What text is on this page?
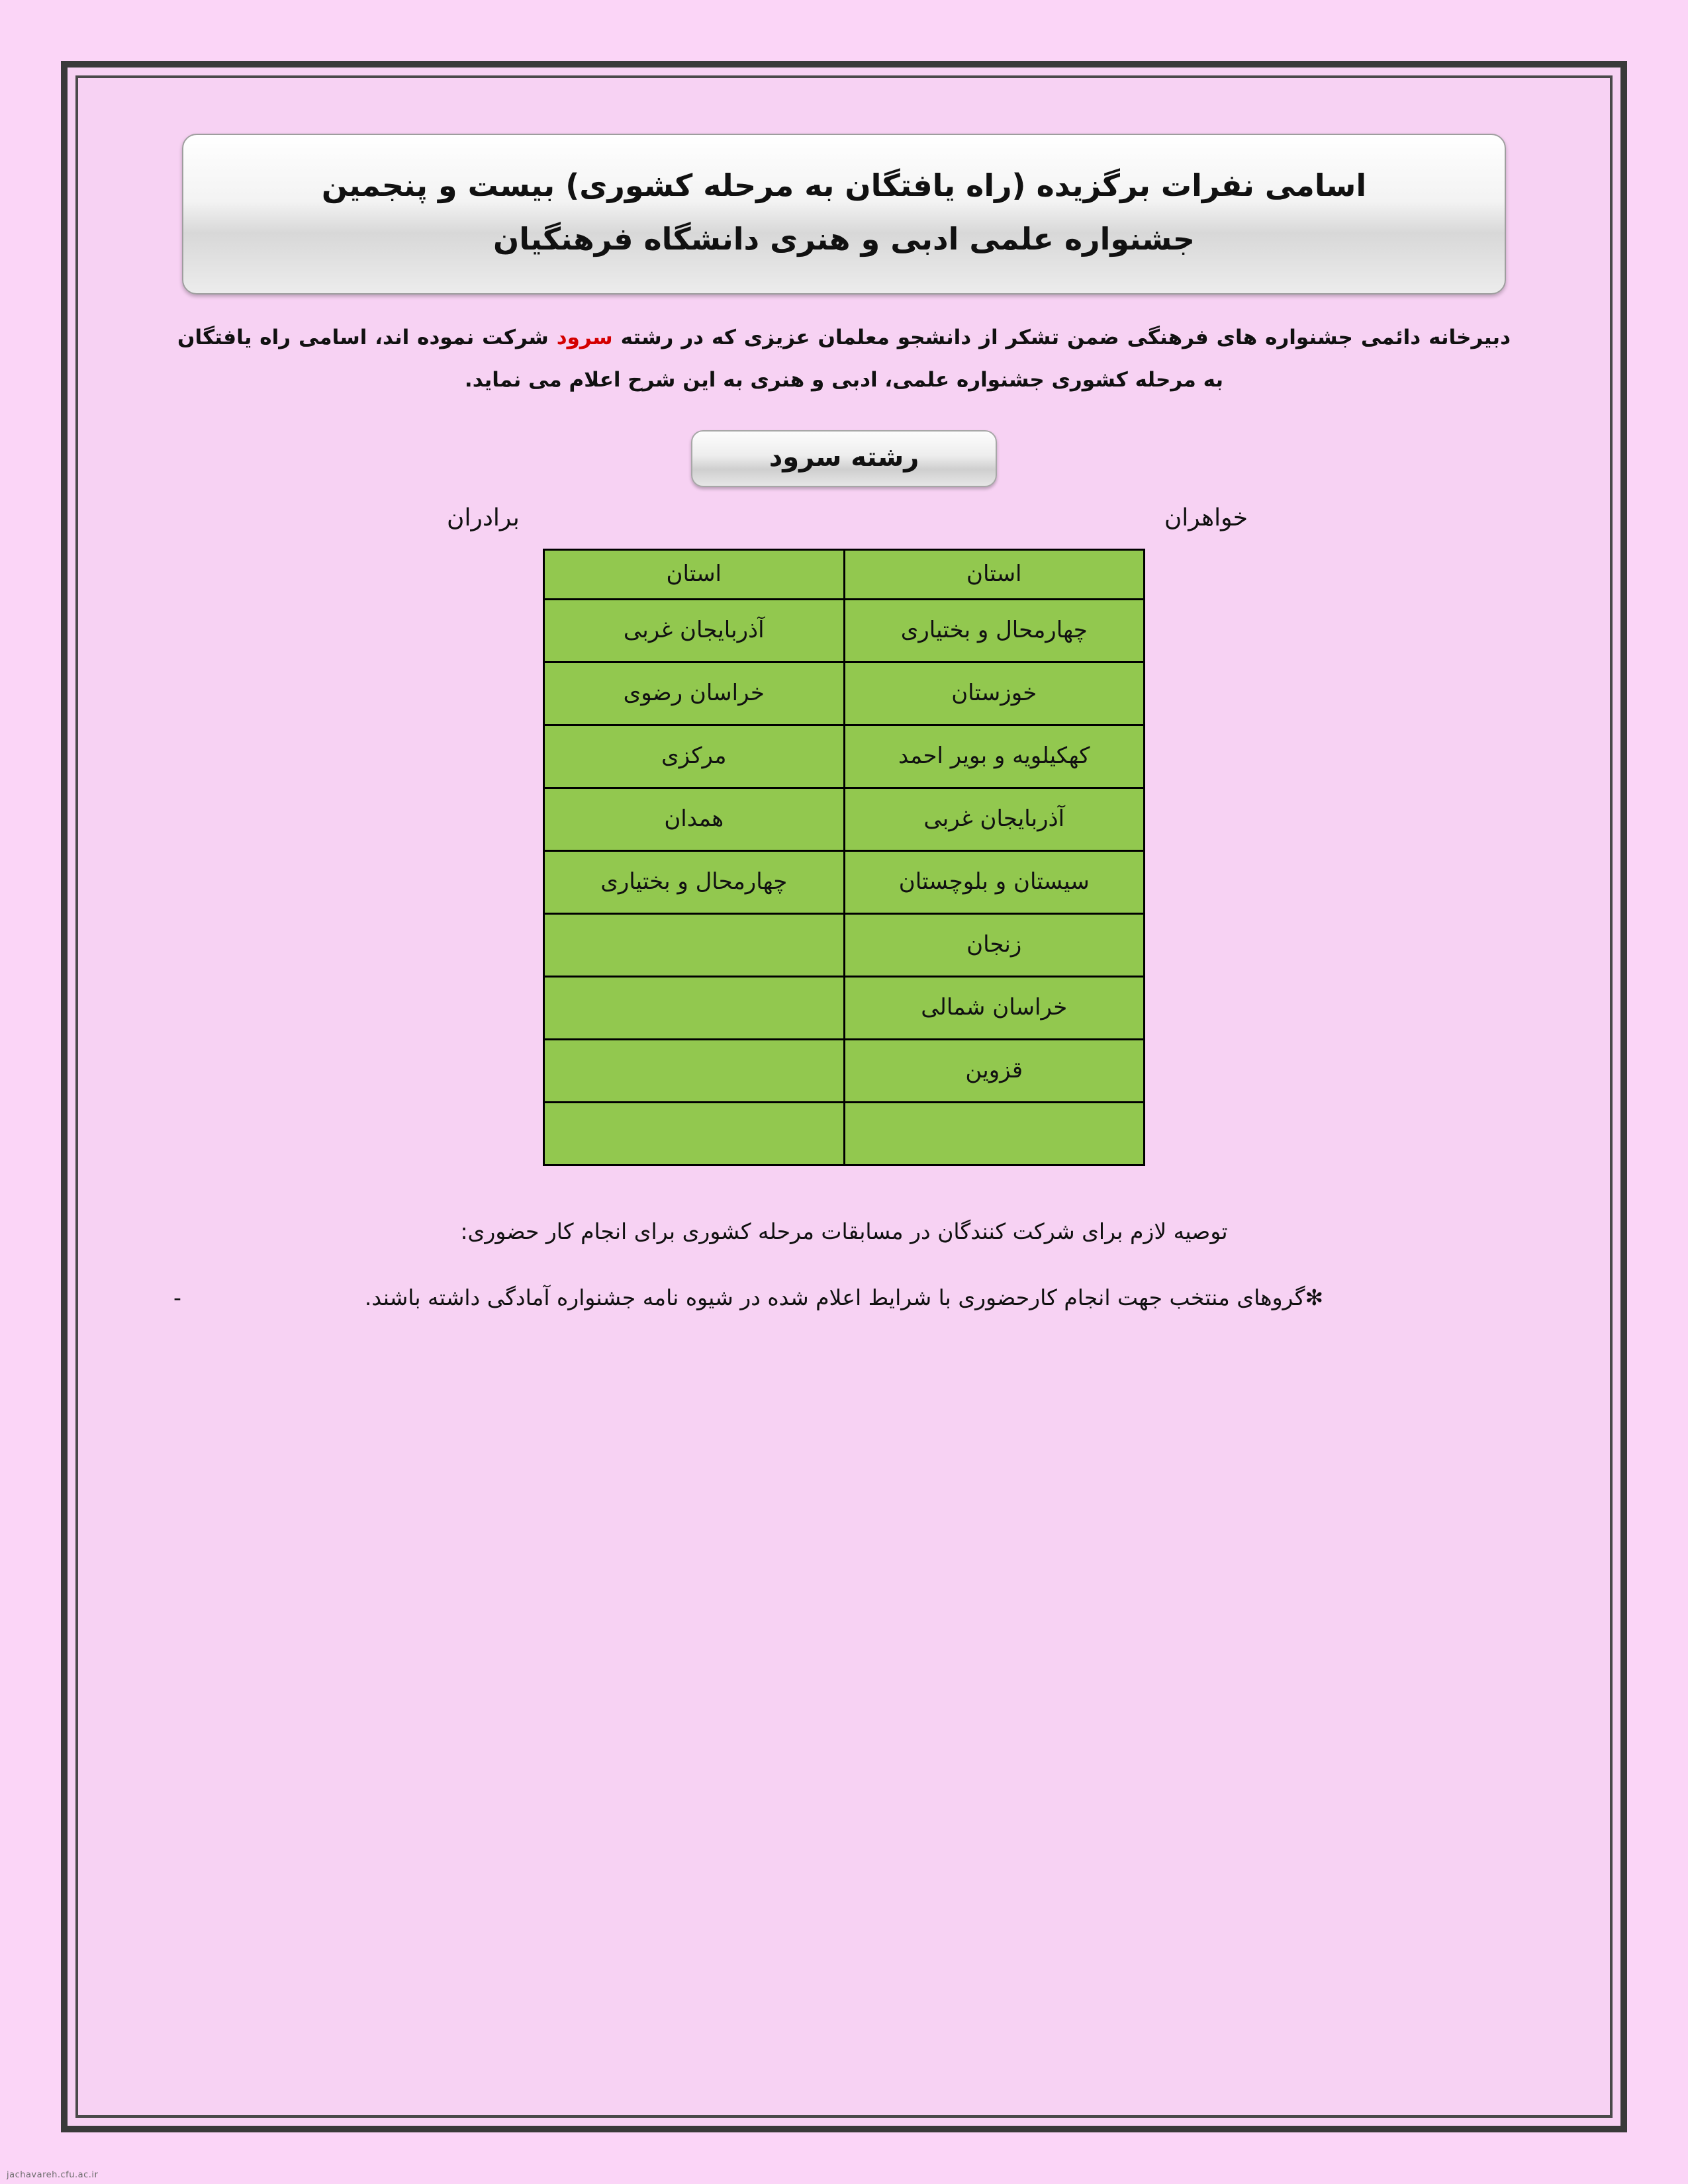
اسامی نفرات برگزیده (راه یافتگان به مرحله کشوری) بیست و پنجمین
جشنواره علمی ادبی و هنری دانشگاه فرهنگیان

دبیرخانه دائمی جشنواره های فرهنگی ضمن تشکر از دانشجو معلمان عزیزی که در رشته سرود شرکت نموده اند، اسامی راه یافتگان به مرحله کشوری جشنواره علمی، ادبی و هنری به این شرح اعلام می نماید.

رشته سرود
خواهران
برادران
استان	استان
چهارمحال و بختیاری	آذربایجان غربی
خوزستان	خراسان رضوی
کهکیلویه و بویر احمد	مرکزی
آذربایجان غربی	همدان
سیستان و بلوچستان	چهارمحال و بختیاری
زنجان	
خراسان شمالی	
قزوین	

توصیه لازم برای شرکت کنندگان در مسابقات مرحله کشوری برای انجام کار حضوری:
-	✻گروهای منتخب جهت انجام کارحضوری با شرایط اعلام شده در شیوه نامه جشنواره آمادگی داشته باشند.
jachavareh.cfu.ac.ir
